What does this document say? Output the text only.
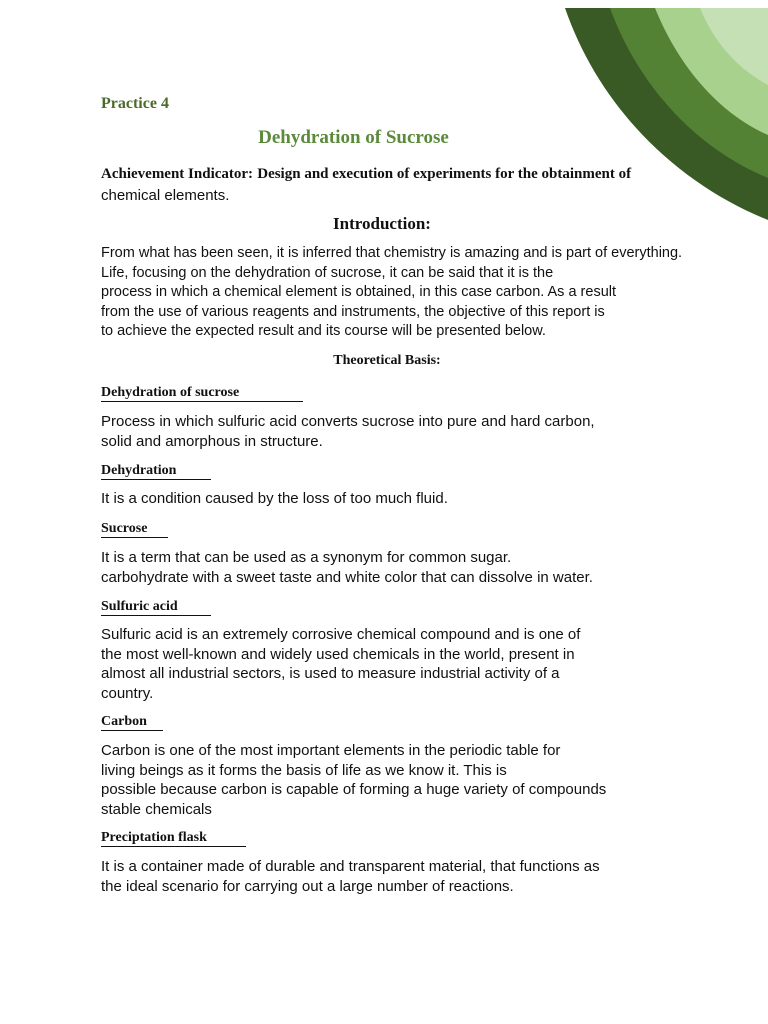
Practice 4
Dehydration of Sucrose
Achievement Indicator: Design and execution of experiments for the obtainment of
chemical elements.
Introduction:
From what has been seen, it is inferred that chemistry is amazing and is part of everything.
Life, focusing on the dehydration of sucrose, it can be said that it is the
process in which a chemical element is obtained, in this case carbon. As a result
from the use of various reagents and instruments, the objective of this report is
to achieve the expected result and its course will be presented below.
Theoretical Basis:
Dehydration of sucrose
Process in which sulfuric acid converts sucrose into pure and hard carbon,
solid and amorphous in structure.
Dehydration
It is a condition caused by the loss of too much fluid.
Sucrose
It is a term that can be used as a synonym for common sugar.
carbohydrate with a sweet taste and white color that can dissolve in water.
Sulfuric acid
Sulfuric acid is an extremely corrosive chemical compound and is one of
the most well-known and widely used chemicals in the world, present in
almost all industrial sectors, is used to measure industrial activity of a
country.
Carbon
Carbon is one of the most important elements in the periodic table for
living beings as it forms the basis of life as we know it. This is
possible because carbon is capable of forming a huge variety of compounds
stable chemicals
Preciptation flask
It is a container made of durable and transparent material, that functions as
the ideal scenario for carrying out a large number of reactions.
